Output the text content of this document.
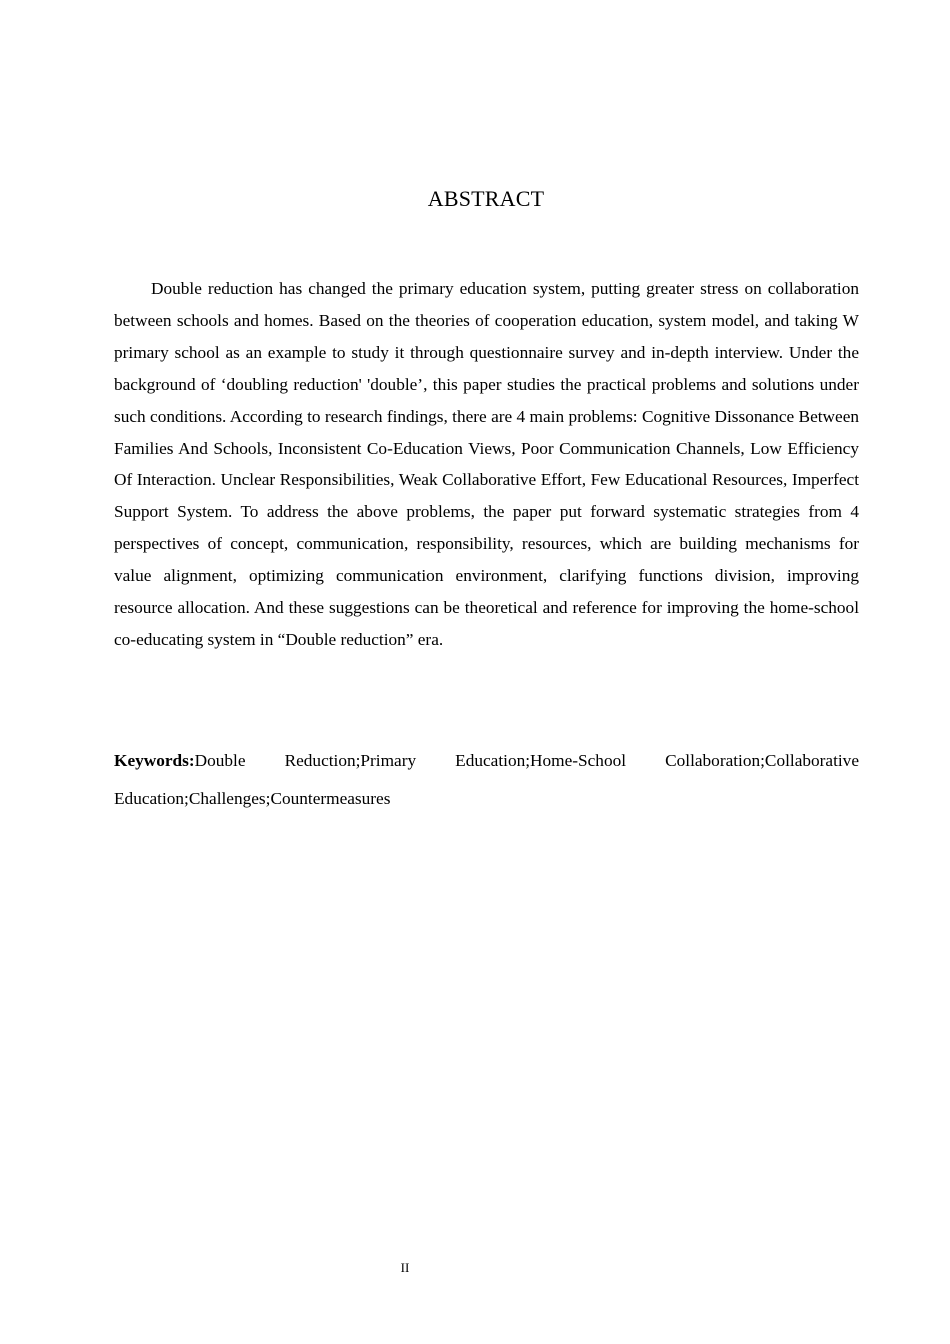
ABSTRACT

Double reduction has changed the primary education system, putting greater stress on collaboration between schools and homes. Based on the theories of cooperation education, system model, and taking W primary school as an example to study it through questionnaire survey and in-depth interview. Under the background of ‘doubling reduction' 'double’, this paper studies the practical problems and solutions under such conditions. According to research findings, there are 4 main problems: Cognitive Dissonance Between Families And Schools, Inconsistent Co-Education Views, Poor Communication Channels, Low Efficiency Of Interaction. Unclear Responsibilities, Weak Collaborative Effort, Few Educational Resources, Imperfect Support System. To address the above problems, the paper put forward systematic strategies from 4 perspectives of concept, communication, responsibility, resources, which are building mechanisms for value alignment, optimizing communication environment, clarifying functions division, improving resource allocation. And these suggestions can be theoretical and reference for improving the home-school co-educating system in “Double reduction” era.

Keywords:Double Reduction;Primary Education;Home-School Collaboration;Collaborative Education;Challenges;Countermeasures

II
